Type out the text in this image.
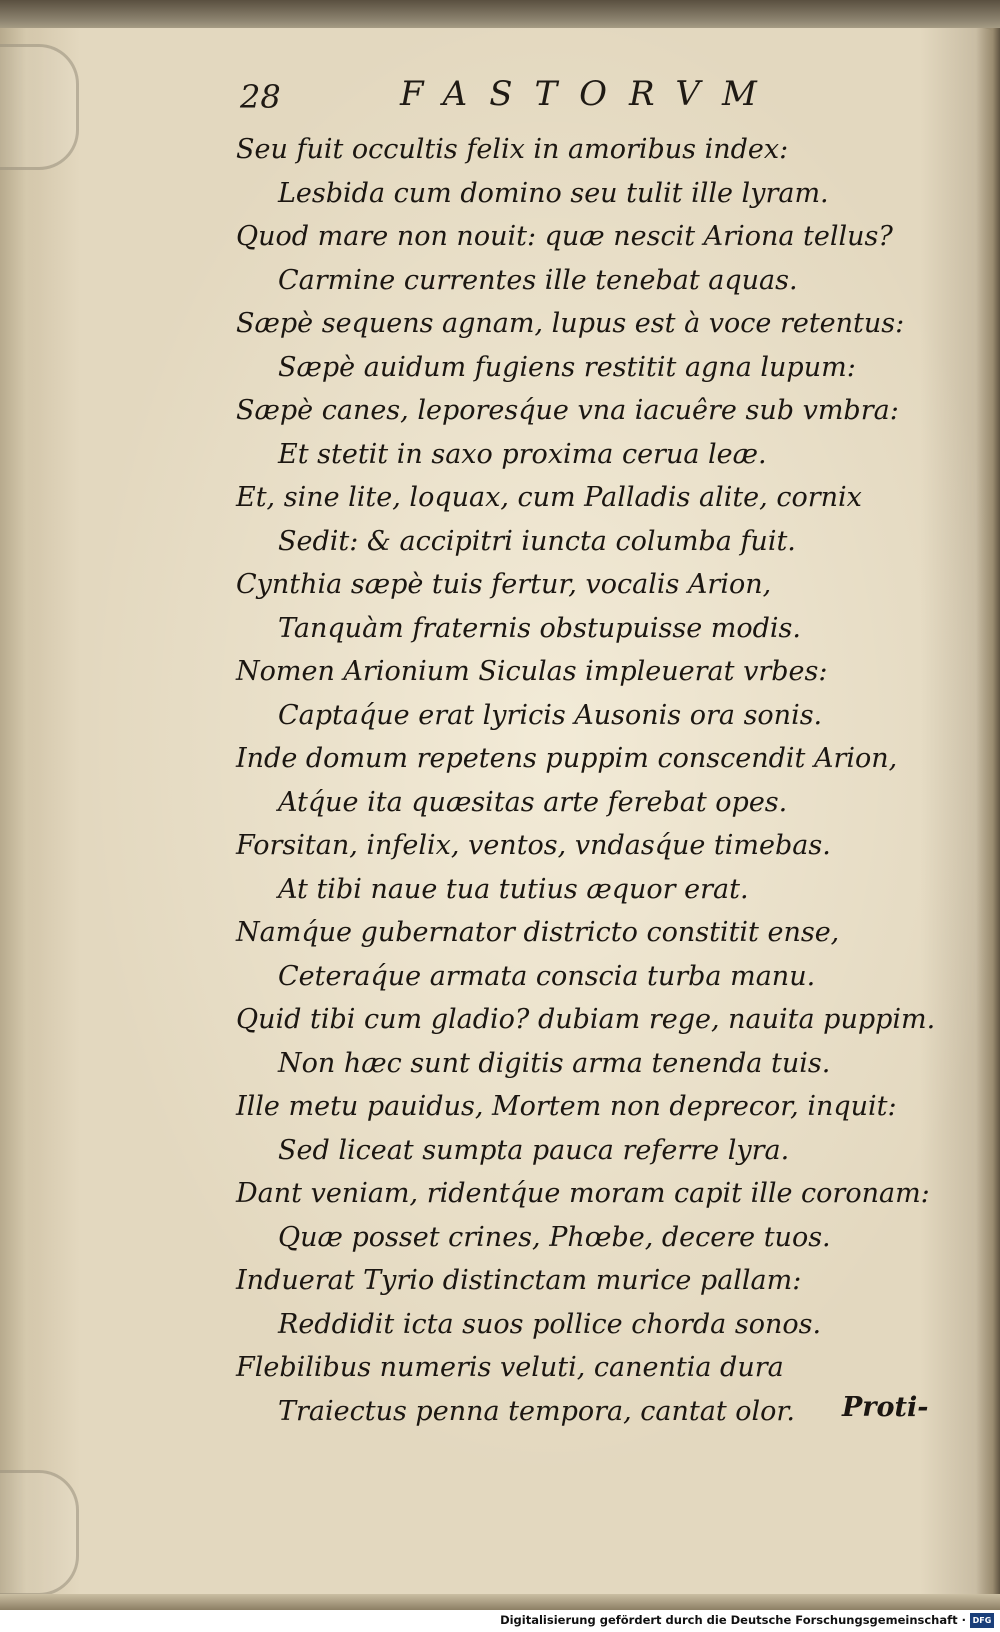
28	FASTORVM
Seu fuit occultis felix in amoribus index:
Lesbida cum domino seu tulit ille lyram.
Quod mare non nouit: quæ nescit Ariona tellus?
Carmine currentes ille tenebat aquas.
Sæpè sequens agnam, lupus est à voce retentus:
Sæpè auidum fugiens restitit agna lupum:
Sæpè canes, leporesq́ue vna iacuêre sub vmbra:
Et stetit in saxo proxima cerua leæ.
Et, sine lite, loquax, cum Palladis alite, cornix
Sedit: & accipitri iuncta columba fuit.
Cynthia sæpè tuis fertur, vocalis Arion,
Tanquàm fraternis obstupuisse modis.
Nomen Arionium Siculas impleuerat vrbes:
Captaq́ue erat lyricis Ausonis ora sonis.
Inde domum repetens puppim conscendit Arion,
Atq́ue ita quæsitas arte ferebat opes.
Forsitan, infelix, ventos, vndasq́ue timebas.
At tibi naue tua tutius æquor erat.
Namq́ue gubernator districto constitit ense,
Ceteraq́ue armata conscia turba manu.
Quid tibi cum gladio? dubiam rege, nauita puppim.
Non hæc sunt digitis arma tenenda tuis.
Ille metu pauidus, Mortem non deprecor, inquit:
Sed liceat sumpta pauca referre lyra.
Dant veniam, ridentq́ue moram capit ille coronam:
Quæ posset crines, Phœbe, decere tuos.
Induerat Tyrio distinctam murice pallam:
Reddidit icta suos pollice chorda sonos.
Flebilibus numeris veluti, canentia dura
Traiectus penna tempora, cantat olor.	Proti-
Digitalisierung gefördert durch die Deutsche Forschungsgemeinschaft · DFG
